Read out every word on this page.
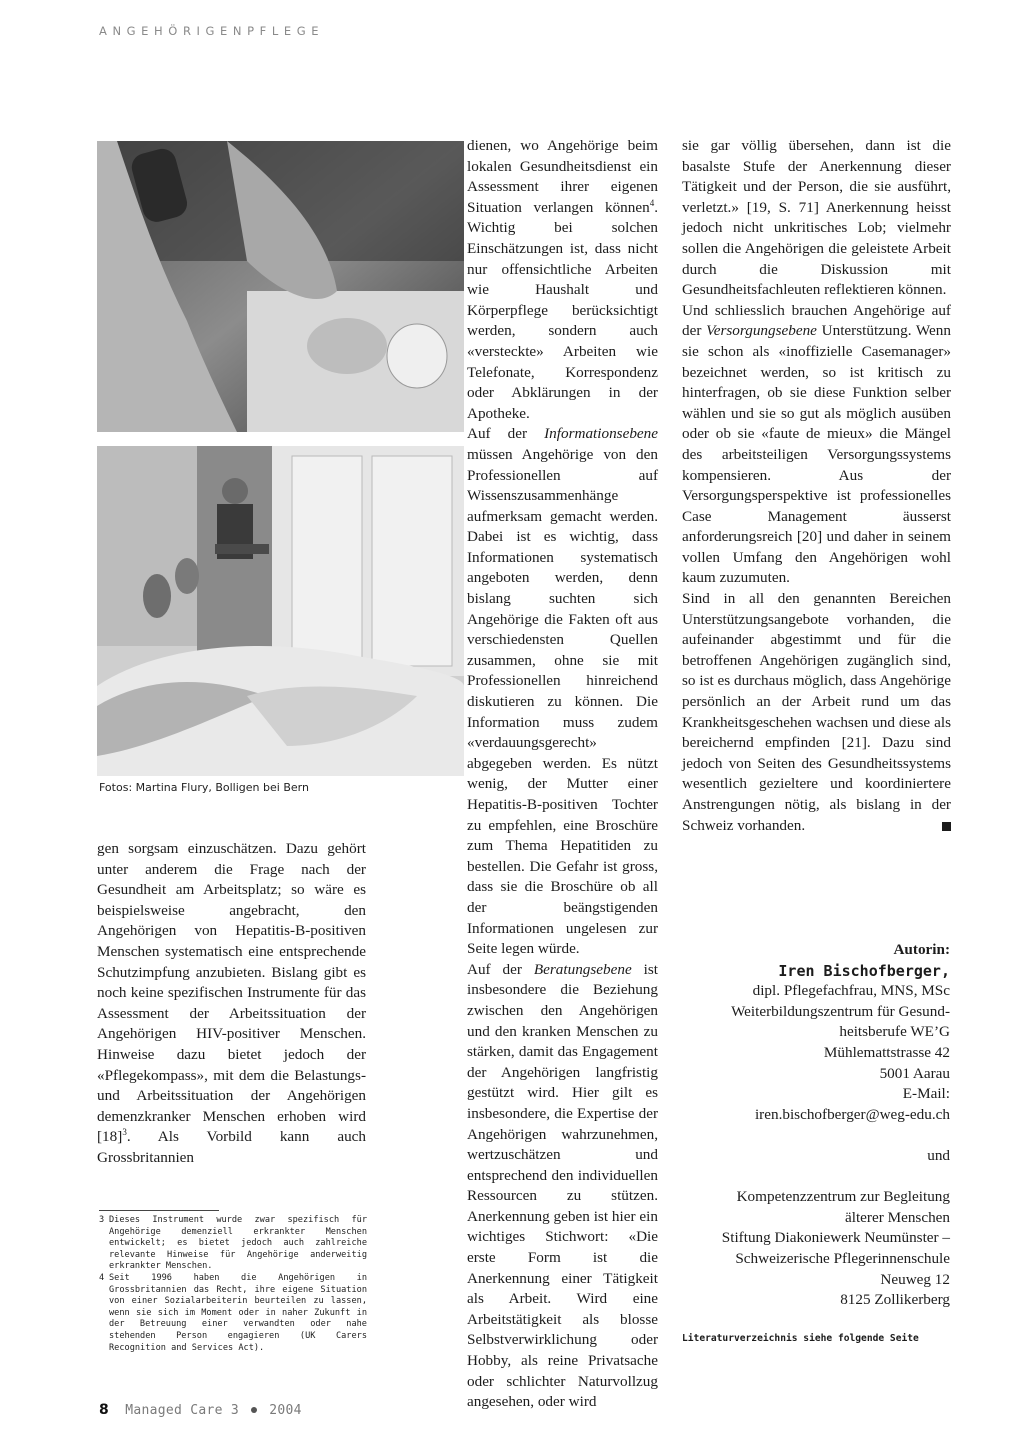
ANGEHÖRIGENPFLEGE
Fotos: Martina Flury, Bolligen bei Bern

gen sorgsam einzuschätzen. Dazu gehört unter anderem die Frage nach der Gesundheit am Arbeitsplatz; so wäre es beispielsweise angebracht, den Angehörigen von Hepatitis-B-positiven Menschen systematisch eine entsprechende Schutzimpfung anzubieten. Bislang gibt es noch keine spezifischen Instrumente für das Assessment der Arbeitssituation der Angehörigen HIV-positiver Menschen. Hinweise dazu bietet jedoch der «Pflegekompass», mit dem die Belastungs- und Arbeitssituation der Angehörigen demenzkranker Menschen erhoben wird $[18]^3$. Als Vorbild kann auch Grossbritannien

dienen, wo Angehörige beim lokalen Gesundheitsdienst ein Assessment ihrer eigenen Situation verlangen können$^4$. Wichtig bei solchen Einschätzungen ist, dass nicht nur offensichtliche Arbeiten wie Haushalt und Körperpflege berücksichtigt werden, sondern auch «versteckte» Arbeiten wie Telefonate, Korrespondenz oder Abklärungen in der Apotheke.

Auf der Informationsebene müssen Angehörige von den Professionellen auf Wissenszusammenhänge aufmerksam gemacht werden. Dabei ist es wichtig, dass Informationen systematisch angeboten werden, denn bislang suchten sich Angehörige die Fakten oft aus verschiedensten Quellen zusammen, ohne sie mit Professionellen hinreichend diskutieren zu können. Die Information muss zudem «verdauungsgerecht» abgegeben werden. Es nützt wenig, der Mutter einer Hepatitis-B-positiven Tochter zu empfehlen, eine Broschüre zum Thema Hepatitiden zu bestellen. Die Gefahr ist gross, dass sie die Broschüre ob all der beängstigenden Informationen ungelesen zur Seite legen würde.

Auf der Beratungsebene ist insbesondere die Beziehung zwischen den Angehörigen und den kranken Menschen zu stärken, damit das Engagement der Angehörigen langfristig gestützt wird. Hier gilt es insbesondere, die Expertise der Angehörigen wahrzunehmen, wertzuschätzen und entsprechend den individuellen Ressourcen zu stützen. Anerkennung geben ist hier ein wichtiges Stichwort: «Die erste Form ist die Anerkennung einer Tätigkeit als Arbeit. Wird eine Arbeitstätigkeit als blosse Selbstverwirklichung oder Hobby, als reine Privatsache oder schlichter Naturvollzug angesehen, oder wird

sie gar völlig übersehen, dann ist die basalste Stufe der Anerkennung dieser Tätigkeit und der Person, die sie ausführt, verletzt.» [19, S. 71] Anerkennung heisst jedoch nicht unkritisches Lob; vielmehr sollen die Angehörigen die geleistete Arbeit durch die Diskussion mit Gesundheitsfachleuten reflektieren können.

Und schliesslich brauchen Angehörige auf der Versorgungsebene Unterstützung. Wenn sie schon als «inoffizielle Casemanager» bezeichnet werden, so ist kritisch zu hinterfragen, ob sie diese Funktion selber wählen und sie so gut als möglich ausüben oder ob sie «faute de mieux» die Mängel des arbeitsteiligen Versorgungssystems kompensieren. Aus der Versorgungsperspektive ist professionelles Case Management äusserst anforderungsreich [20] und daher in seinem vollen Umfang den Angehörigen wohl kaum zuzumuten.

Sind in all den genannten Bereichen Unterstützungsangebote vorhanden, die aufeinander abgestimmt und für die betroffenen Angehörigen zugänglich sind, so ist es durchaus möglich, dass Angehörige persönlich an der Arbeit rund um das Krankheitsgeschehen wachsen und diese als bereichernd empfinden [21]. Dazu sind jedoch von Seiten des Gesundheitssystems wesentlich gezieltere und koordiniertere Anstrengungen nötig, als bislang in der Schweiz vorhanden.

3 Dieses Instrument wurde zwar spezifisch für Angehörige demenziell erkrankter Menschen entwickelt; es bietet jedoch auch zahlreiche relevante Hinweise für Angehörige anderweitig erkrankter Menschen.
4 Seit 1996 haben die Angehörigen in Grossbritannien das Recht, ihre eigene Situation von einer Sozialarbeiterin beurteilen zu lassen, wenn sie sich im Moment oder in naher Zukunft in der Betreuung einer verwandten oder nahe stehenden Person engagieren (UK Carers Recognition and Services Act).
Autorin:
Iren Bischofberger,
dipl. Pflegefachfrau, MNS, MSc
Weiterbildungszentrum für Gesund-
heitsberufe WE’G
Mühlemattstrasse 42
5001 Aarau
E-Mail:
iren.bischofberger@weg-edu.ch
und
Kompetenzzentrum zur Begleitung
älterer Menschen
Stiftung Diakoniewerk Neumünster –
Schweizerische Pflegerinnenschule
Neuweg 12
8125 Zollikerberg
Literaturverzeichnis siehe folgende Seite
8 Managed Care 3 2004
